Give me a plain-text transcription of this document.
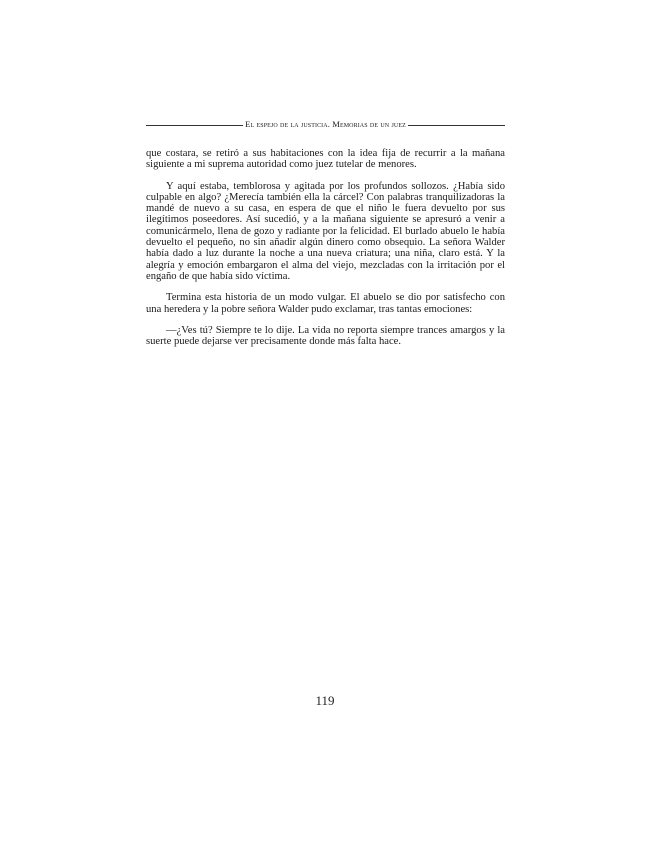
El espejo de la justicia. Memorias de un juez

que costara, se retiró a sus habitaciones con la idea fija de recurrir a la mañana siguiente a mi suprema autoridad como juez tutelar de menores.

Y aquí estaba, temblorosa y agitada por los profundos sollozos. ¿Había sido culpable en algo? ¿Merecía también ella la cárcel? Con palabras tranquilizadoras la mandé de nuevo a su casa, en espera de que el niño le fuera devuelto por sus ilegítimos poseedores. Así sucedió, y a la mañana siguiente se apresuró a venir a comunicármelo, llena de gozo y radiante por la felicidad. El burlado abuelo le había devuelto el pequeño, no sin añadir algún dinero como obsequio. La señora Walder había dado a luz durante la noche a una nueva criatura; una niña, claro está. Y la alegría y emoción embargaron el alma del viejo, mezcladas con la irritación por el engaño de que había sido víctima.

Termina esta historia de un modo vulgar. El abuelo se dio por satisfecho con una heredera y la pobre señora Walder pudo exclamar, tras tantas emociones:

—¿Ves tú? Siempre te lo dije. La vida no reporta siempre trances amargos y la suerte puede dejarse ver precisamente donde más falta hace.

119
